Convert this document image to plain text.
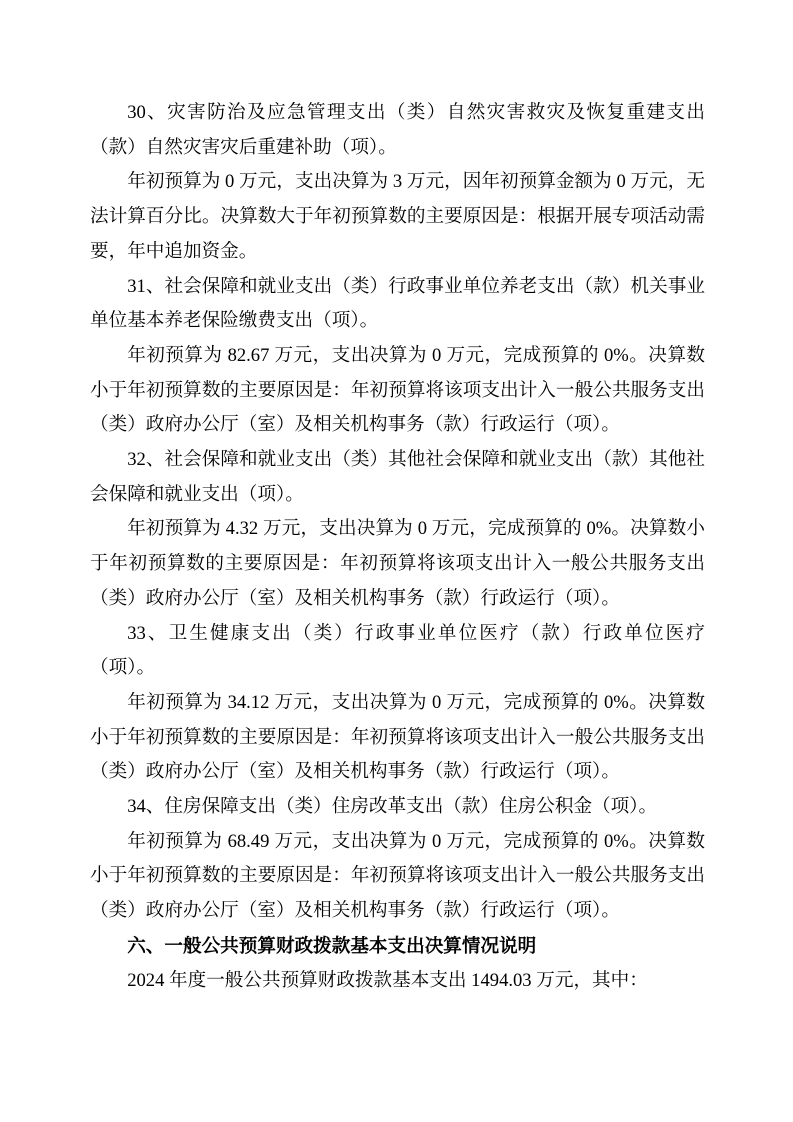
30、灾害防治及应急管理支出（类）自然灾害救灾及恢复重建支出（款）自然灾害灾后重建补助（项）。

年初预算为 0 万元，支出决算为 3 万元，因年初预算金额为 0 万元，无法计算百分比。决算数大于年初预算数的主要原因是：根据开展专项活动需要，年中追加资金。

31、社会保障和就业支出（类）行政事业单位养老支出（款）机关事业单位基本养老保险缴费支出（项）。

年初预算为 82.67 万元，支出决算为 0 万元，完成预算的 0%。决算数小于年初预算数的主要原因是：年初预算将该项支出计入一般公共服务支出（类）政府办公厅（室）及相关机构事务（款）行政运行（项）。

32、社会保障和就业支出（类）其他社会保障和就业支出（款）其他社会保障和就业支出（项）。

年初预算为 4.32 万元，支出决算为 0 万元，完成预算的 0%。决算数小于年初预算数的主要原因是：年初预算将该项支出计入一般公共服务支出（类）政府办公厅（室）及相关机构事务（款）行政运行（项）。

33、卫生健康支出（类）行政事业单位医疗（款）行政单位医疗（项）。

年初预算为 34.12 万元，支出决算为 0 万元，完成预算的 0%。决算数小于年初预算数的主要原因是：年初预算将该项支出计入一般公共服务支出（类）政府办公厅（室）及相关机构事务（款）行政运行（项）。

34、住房保障支出（类）住房改革支出（款）住房公积金（项）。

年初预算为 68.49 万元，支出决算为 0 万元，完成预算的 0%。决算数小于年初预算数的主要原因是：年初预算将该项支出计入一般公共服务支出（类）政府办公厅（室）及相关机构事务（款）行政运行（项）。

六、一般公共预算财政拨款基本支出决算情况说明

2024 年度一般公共预算财政拨款基本支出 1494.03 万元，其中：
